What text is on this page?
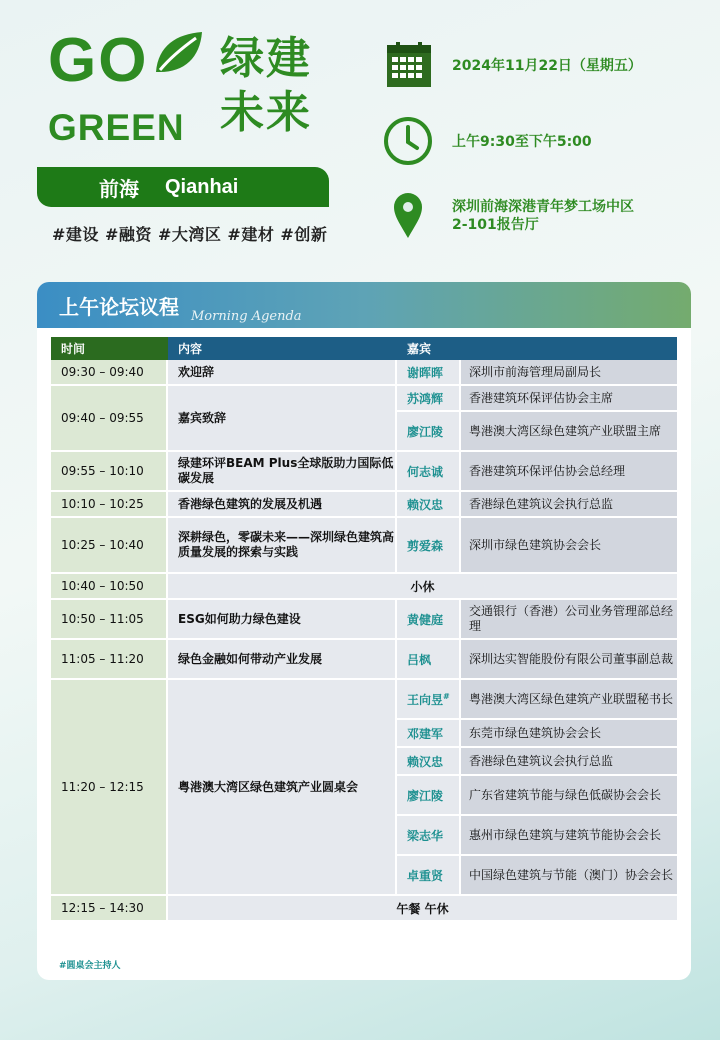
GO
GREEN
绿建
未来
前海 Qianhai
#建设 #融资 #大湾区 #建材 #创新
2024年11月22日（星期五）
上午9:30至下午5:00
深圳前海深港青年梦工场中区
2-101报告厅
上午论坛议程 Morning Agenda
时间	内容	嘉宾	
09:30 – 09:40	欢迎辞	谢晖晖	深圳市前海管理局副局长
09:40 – 09:55	嘉宾致辞	苏鸿辉	香港建筑环保评估协会主席
		廖江陵	粤港澳大湾区绿色建筑产业联盟主席
09:55 – 10:10	绿建环评BEAM Plus全球版助力国际低碳发展	何志诚	香港建筑环保评估协会总经理
10:10 – 10:25	香港绿色建筑的发展及机遇	赖汉忠	香港绿色建筑议会执行总监
10:25 – 10:40	深耕绿色，零碳未来——深圳绿色建筑高质量发展的探索与实践	剪爱森	深圳市绿色建筑协会会长
10:40 – 10:50	小休		
10:50 – 11:05	ESG如何助力绿色建设	黄健庭	交通银行（香港）公司业务管理部总经理
11:05 – 11:20	绿色金融如何带动产业发展	吕枫	深圳达实智能股份有限公司董事副总裁
11:20 – 12:15	粤港澳大湾区绿色建筑产业圆桌会	王向昱#	粤港澳大湾区绿色建筑产业联盟秘书长
		邓建军	东莞市绿色建筑协会会长
		赖汉忠	香港绿色建筑议会执行总监
		廖江陵	广东省建筑节能与绿色低碳协会会长
		梁志华	惠州市绿色建筑与建筑节能协会会长
		卓重贤	中国绿色建筑与节能（澳门）协会会长
12:15 – 14:30	午餐 午休		
#圆桌会主持人
